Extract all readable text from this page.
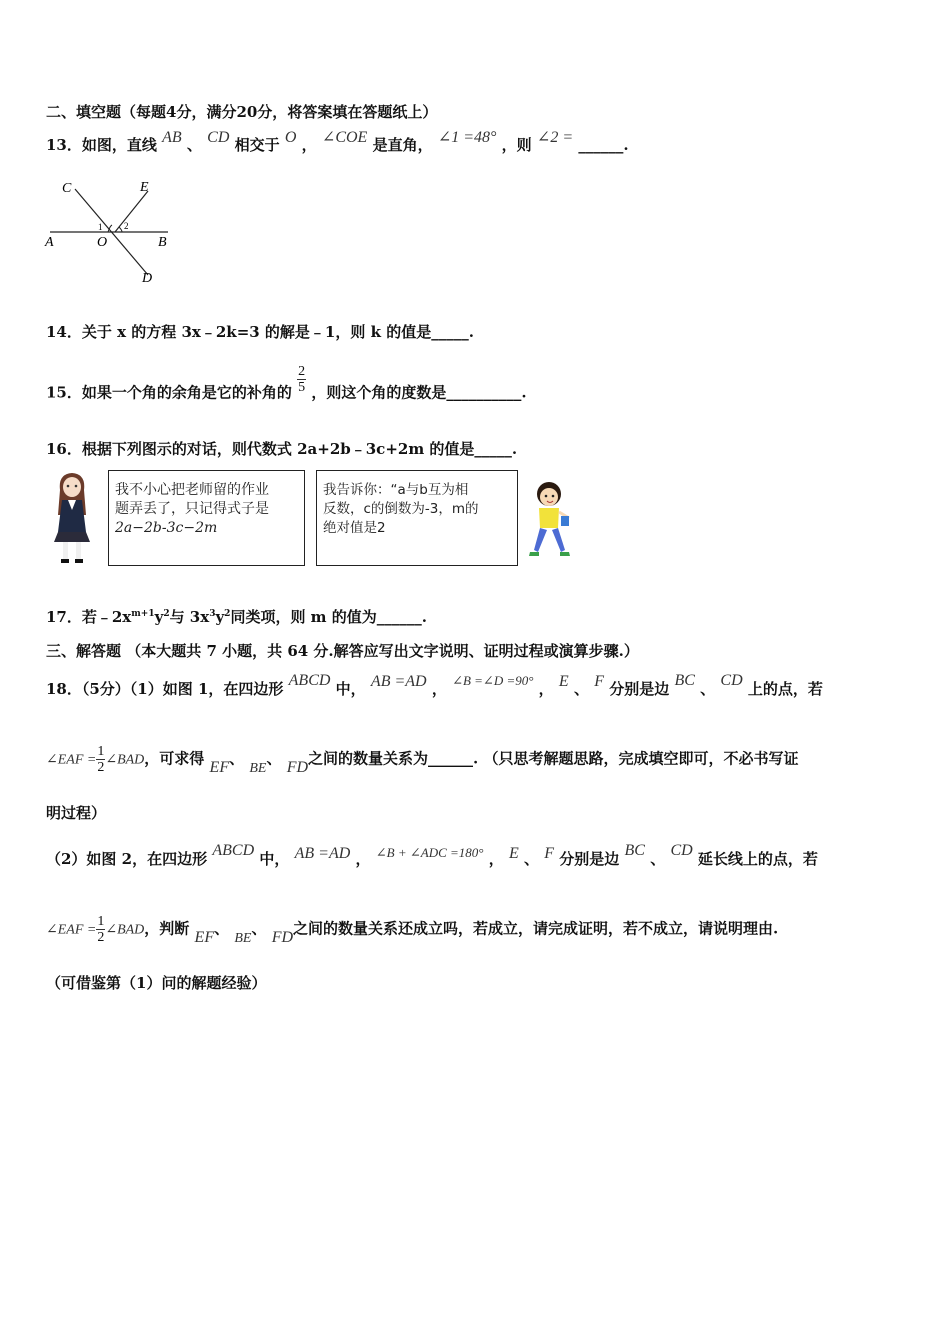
二、填空题（每题4分，满分20分，将答案填在答题纸上）
13．如图，直线 AB 、 CD 相交于 O ， ∠COE 是直角， ∠1 =48° ，则 ∠2 = ______.
C	E
A	O	B
D
1 2
14．关于 x 的方程 3x﹣2k=3 的解是﹣1，则 k 的值是_____.
15．如果一个角的余角是它的补角的 $\frac{2}{5}$ ，则这个角的度数是__________.
16．根据下列图示的对话，则代数式 2a+2b﹣3c+2m 的值是_____.
我不小心把老师留的作业
题弄丢了，只记得式子是
2a−2b-3c−2m
我告诉你：“a与b互为相
反数，c的倒数为-3，m的
绝对值是2
17．若$﹣2x^{m+1}y^2$与 $3x^3y^2$同类项，则 m 的值为______.
三、解答题 （本大题共 7 小题，共 64 分.解答应写出文字说明、证明过程或演算步骤.）
18．（5分）（1）如图 1，在四边形 ABCD 中， AB =AD ， ∠B =∠D =90° ， E 、 F 分别是边 BC 、 CD 上的点，若
∠EAF = $\frac{1}{2}$ ∠BAD，可求得 EF、 BE、 FD之间的数量关系为______. （只思考解题思路，完成填空即可，不必书写证
明过程）
（2）如图 2，在四边形 ABCD 中， AB =AD ， ∠B + ∠ADC =180° ， E 、 F 分别是边 BC 、 CD 延长线上的点，若
∠EAF = $\frac{1}{2}$ ∠BAD，判断 EF、 BE、 FD之间的数量关系还成立吗，若成立，请完成证明，若不成立，请说明理由.
（可借鉴第（1）问的解题经验）
